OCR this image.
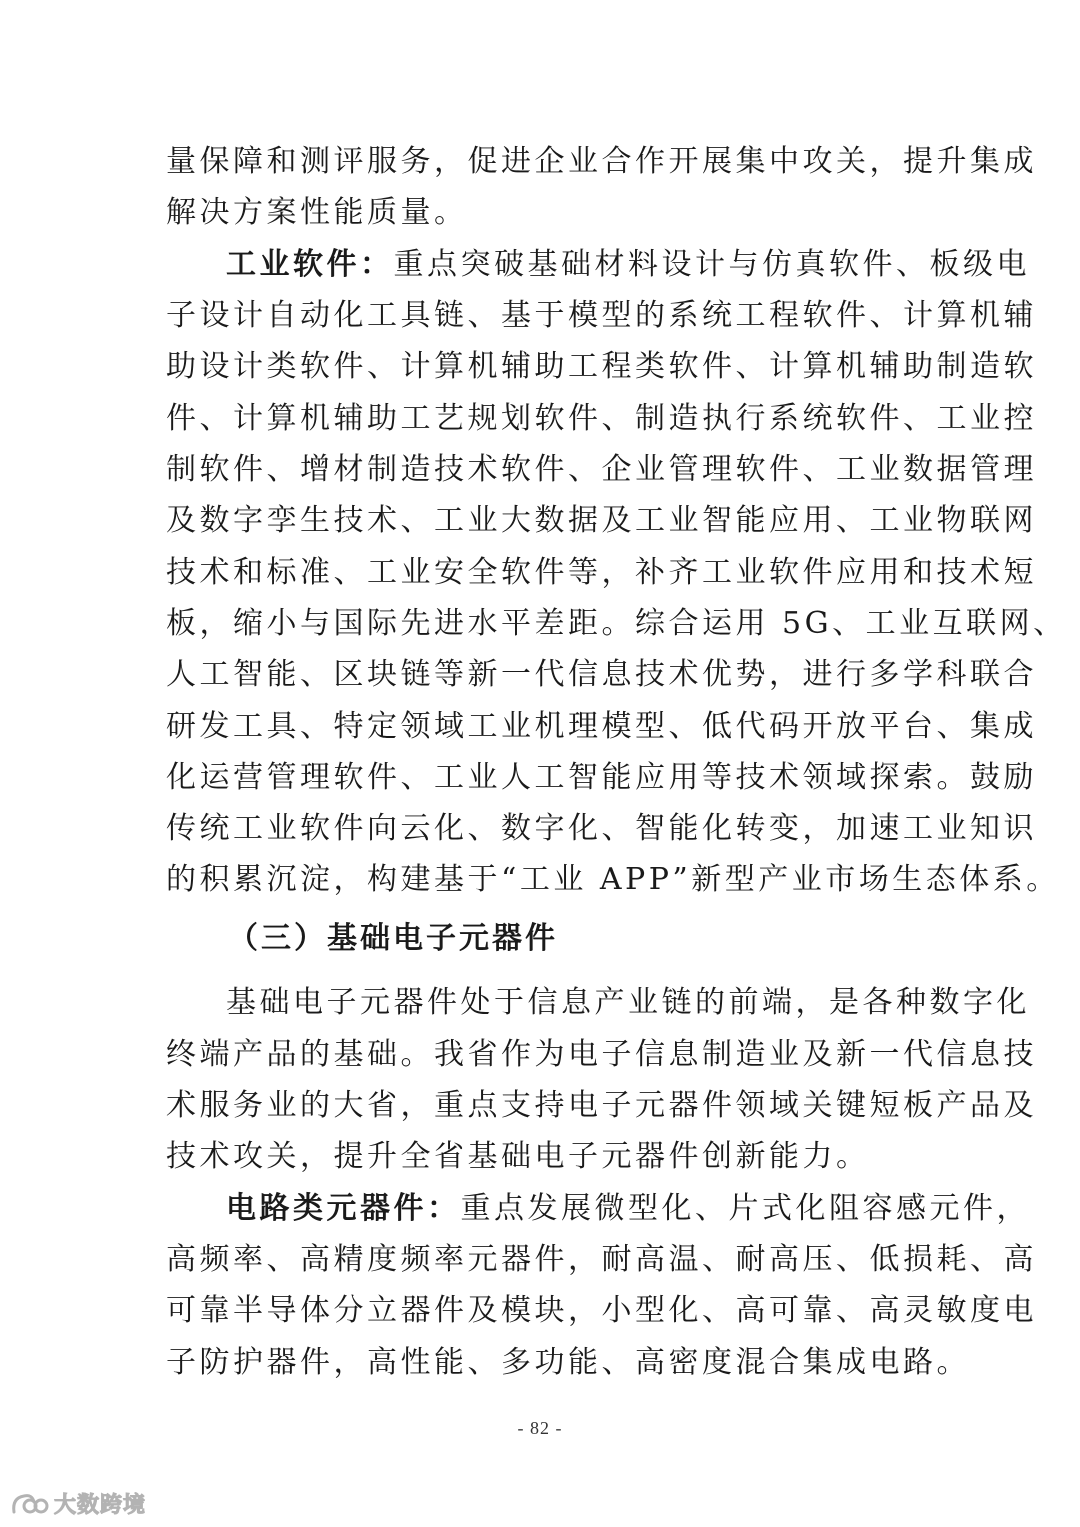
量保障和测评服务，促进企业合作开展集中攻关，提升集成
解决方案性能质量。
工业软件：重点突破基础材料设计与仿真软件、板级电
子设计自动化工具链、基于模型的系统工程软件、计算机辅
助设计类软件、计算机辅助工程类软件、计算机辅助制造软
件、计算机辅助工艺规划软件、制造执行系统软件、工业控
制软件、增材制造技术软件、企业管理软件、工业数据管理
及数字孪生技术、工业大数据及工业智能应用、工业物联网
技术和标准、工业安全软件等，补齐工业软件应用和技术短
板，缩小与国际先进水平差距。综合运用 5G、工业互联网、
人工智能、区块链等新一代信息技术优势，进行多学科联合
研发工具、特定领域工业机理模型、低代码开放平台、集成
化运营管理软件、工业人工智能应用等技术领域探索。鼓励
传统工业软件向云化、数字化、智能化转变，加速工业知识
的积累沉淀，构建基于“工业 APP”新型产业市场生态体系。
（三）基础电子元器件
基础电子元器件处于信息产业链的前端，是各种数字化
终端产品的基础。我省作为电子信息制造业及新一代信息技
术服务业的大省，重点支持电子元器件领域关键短板产品及
技术攻关，提升全省基础电子元器件创新能力。
电路类元器件：重点发展微型化、片式化阻容感元件，
高频率、高精度频率元器件，耐高温、耐高压、低损耗、高
可靠半导体分立器件及模块，小型化、高可靠、高灵敏度电
子防护器件，高性能、多功能、高密度混合集成电路。
- 82 -
大数跨境
